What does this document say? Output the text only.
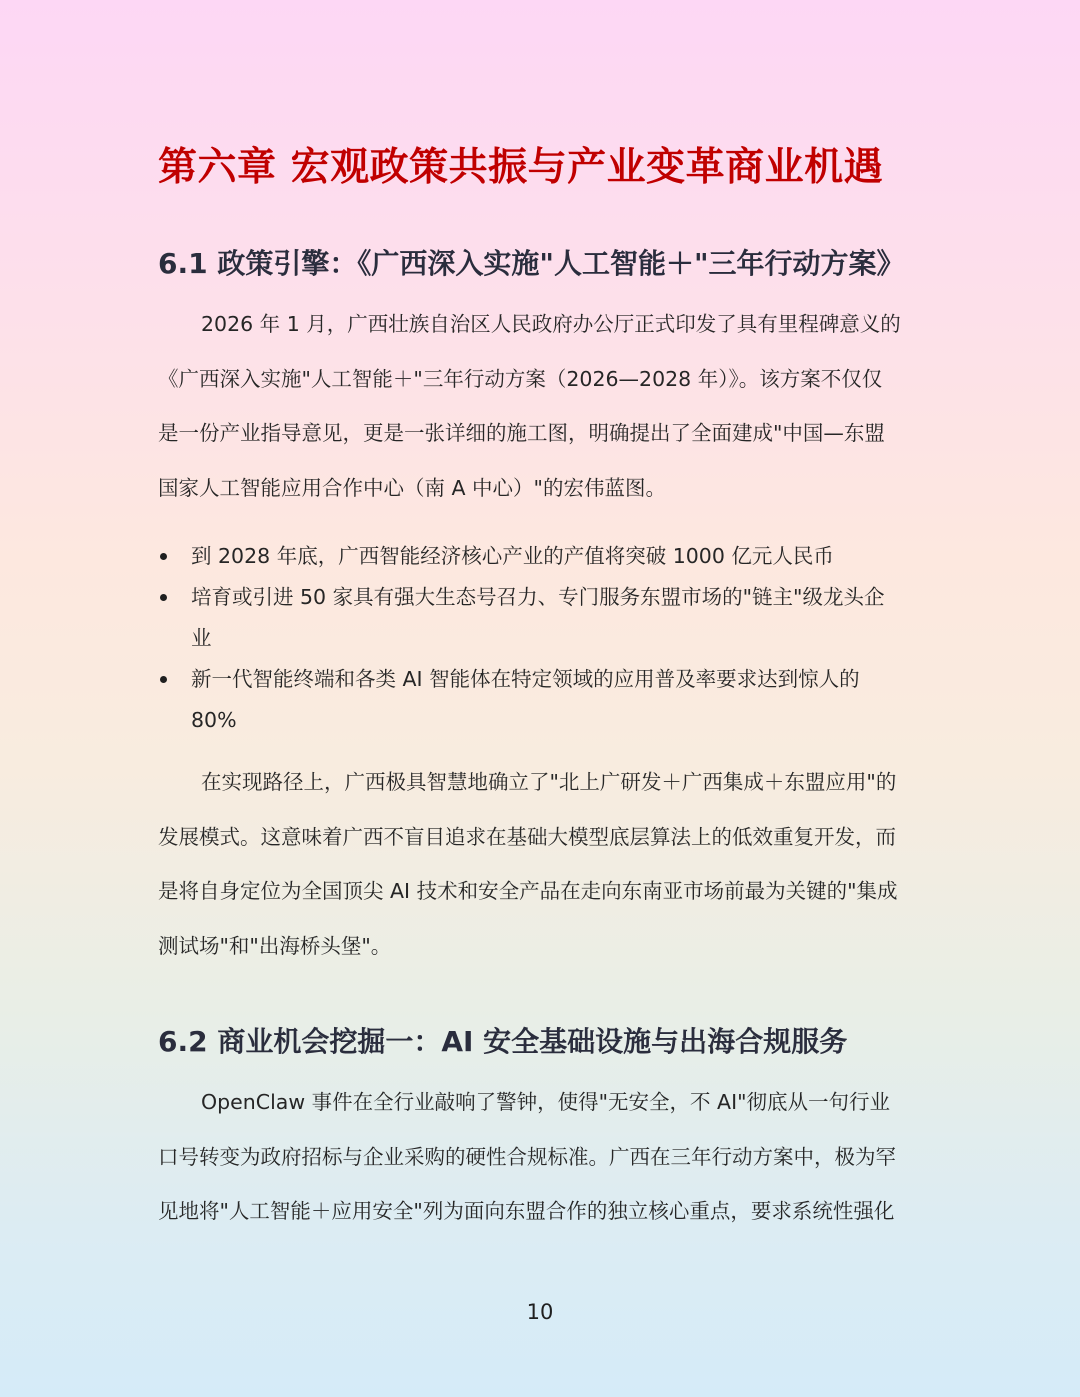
第六章 宏观政策共振与产业变革商业机遇
6.1 政策引擎：《广西深入实施"人工智能＋"三年行动方案》
2026 年 1 月，广西壮族自治区人民政府办公厅正式印发了具有里程碑意义的
《广西深入实施"人工智能＋"三年行动方案（2026—2028 年）》。该方案不仅仅
是一份产业指导意见，更是一张详细的施工图，明确提出了全面建成"中国—东盟
国家人工智能应用合作中心（南 A 中心）"的宏伟蓝图。
到 2028 年底，广西智能经济核心产业的产值将突破 1000 亿元人民币
培育或引进 50 家具有强大生态号召力、专门服务东盟市场的"链主"级龙头企
业
新一代智能终端和各类 AI 智能体在特定领域的应用普及率要求达到惊人的
80%
在实现路径上，广西极具智慧地确立了"北上广研发＋广西集成＋东盟应用"的
发展模式。这意味着广西不盲目追求在基础大模型底层算法上的低效重复开发，而
是将自身定位为全国顶尖 AI 技术和安全产品在走向东南亚市场前最为关键的"集成
测试场"和"出海桥头堡"。
6.2 商业机会挖掘一：AI 安全基础设施与出海合规服务
OpenClaw 事件在全行业敲响了警钟，使得"无安全，不 AI"彻底从一句行业
口号转变为政府招标与企业采购的硬性合规标准。广西在三年行动方案中，极为罕
见地将"人工智能＋应用安全"列为面向东盟合作的独立核心重点，要求系统性强化
10
